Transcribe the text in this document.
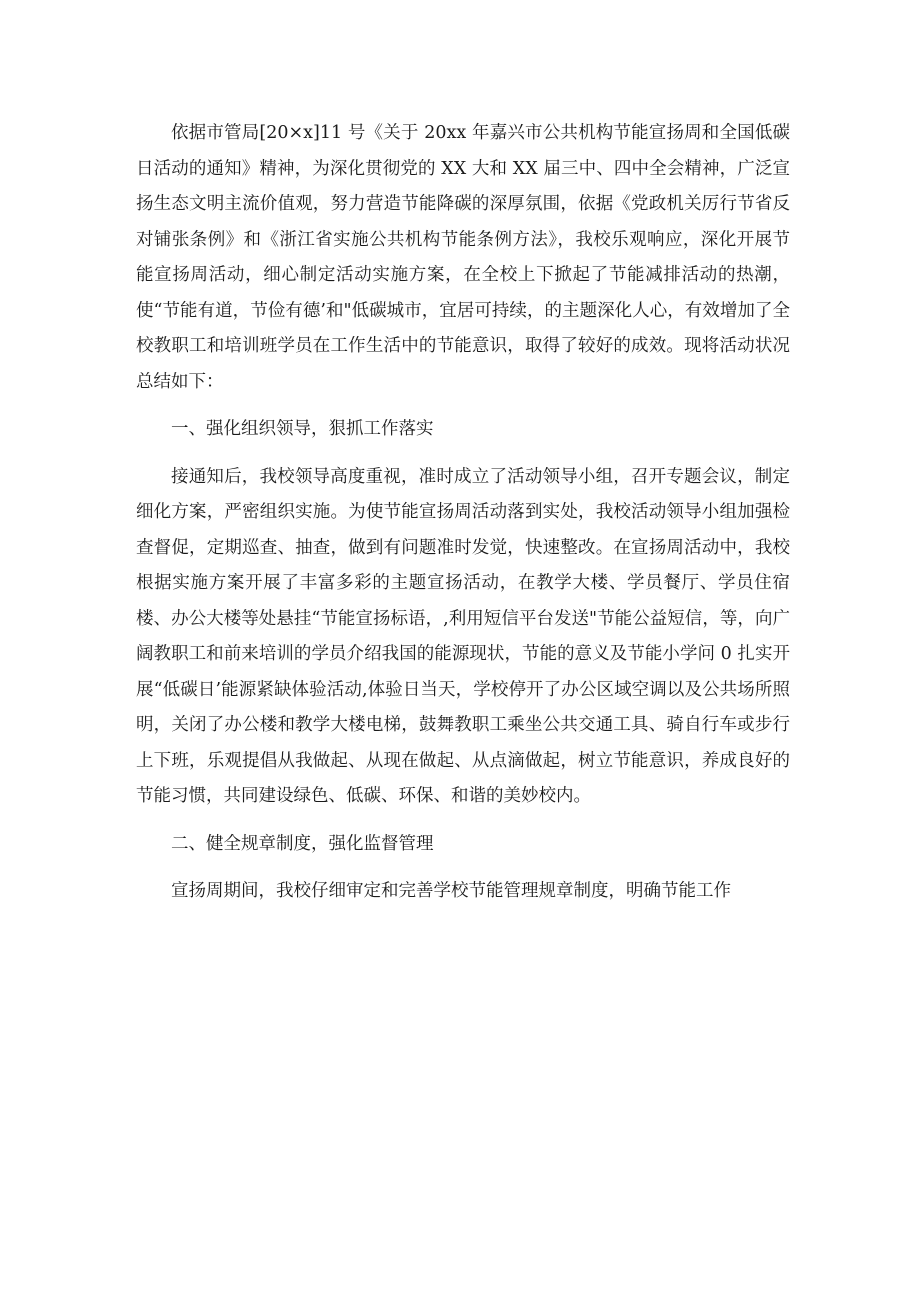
依据市管局[20×x]11 号《关于 20xx 年嘉兴市公共机构节能宣扬周和全国低碳日活动的通知》精神，为深化贯彻党的 XX 大和 XX 届三中、四中全会精神，广泛宣扬生态文明主流价值观，努力营造节能降碳的深厚氛围，依据《党政机关厉行节省反对铺张条例》和《浙江省实施公共机构节能条例方法》，我校乐观响应，深化开展节能宣扬周活动，细心制定活动实施方案，在全校上下掀起了节能减排活动的热潮，使“节能有道，节俭有德’和"低碳城市，宜居可持续，的主题深化人心，有效增加了全校教职工和培训班学员在工作生活中的节能意识，取得了较好的成效。现将活动状况总结如下：

一、强化组织领导，狠抓工作落实

接通知后，我校领导高度重视，准时成立了活动领导小组，召开专题会议，制定细化方案，严密组织实施。为使节能宣扬周活动落到实处，我校活动领导小组加强检查督促，定期巡查、抽查，做到有问题准时发觉，快速整改。在宣扬周活动中，我校根据实施方案开展了丰富多彩的主题宣扬活动，在教学大楼、学员餐厅、学员住宿楼、办公大楼等处悬挂“节能宣扬标语，,利用短信平台发送"节能公益短信，等，向广阔教职工和前来培训的学员介绍我国的能源现状，节能的意义及节能小学问 0 扎实开展“低碳日’能源紧缺体验活动,体验日当天，学校停开了办公区域空调以及公共场所照明，关闭了办公楼和教学大楼电梯，鼓舞教职工乘坐公共交通工具、骑自行车或步行上下班，乐观提倡从我做起、从现在做起、从点滴做起，树立节能意识，养成良好的节能习惯，共同建设绿色、低碳、环保、和谐的美妙校内。

二、健全规章制度，强化监督管理

宣扬周期间，我校仔细审定和完善学校节能管理规章制度，明确节能工作
